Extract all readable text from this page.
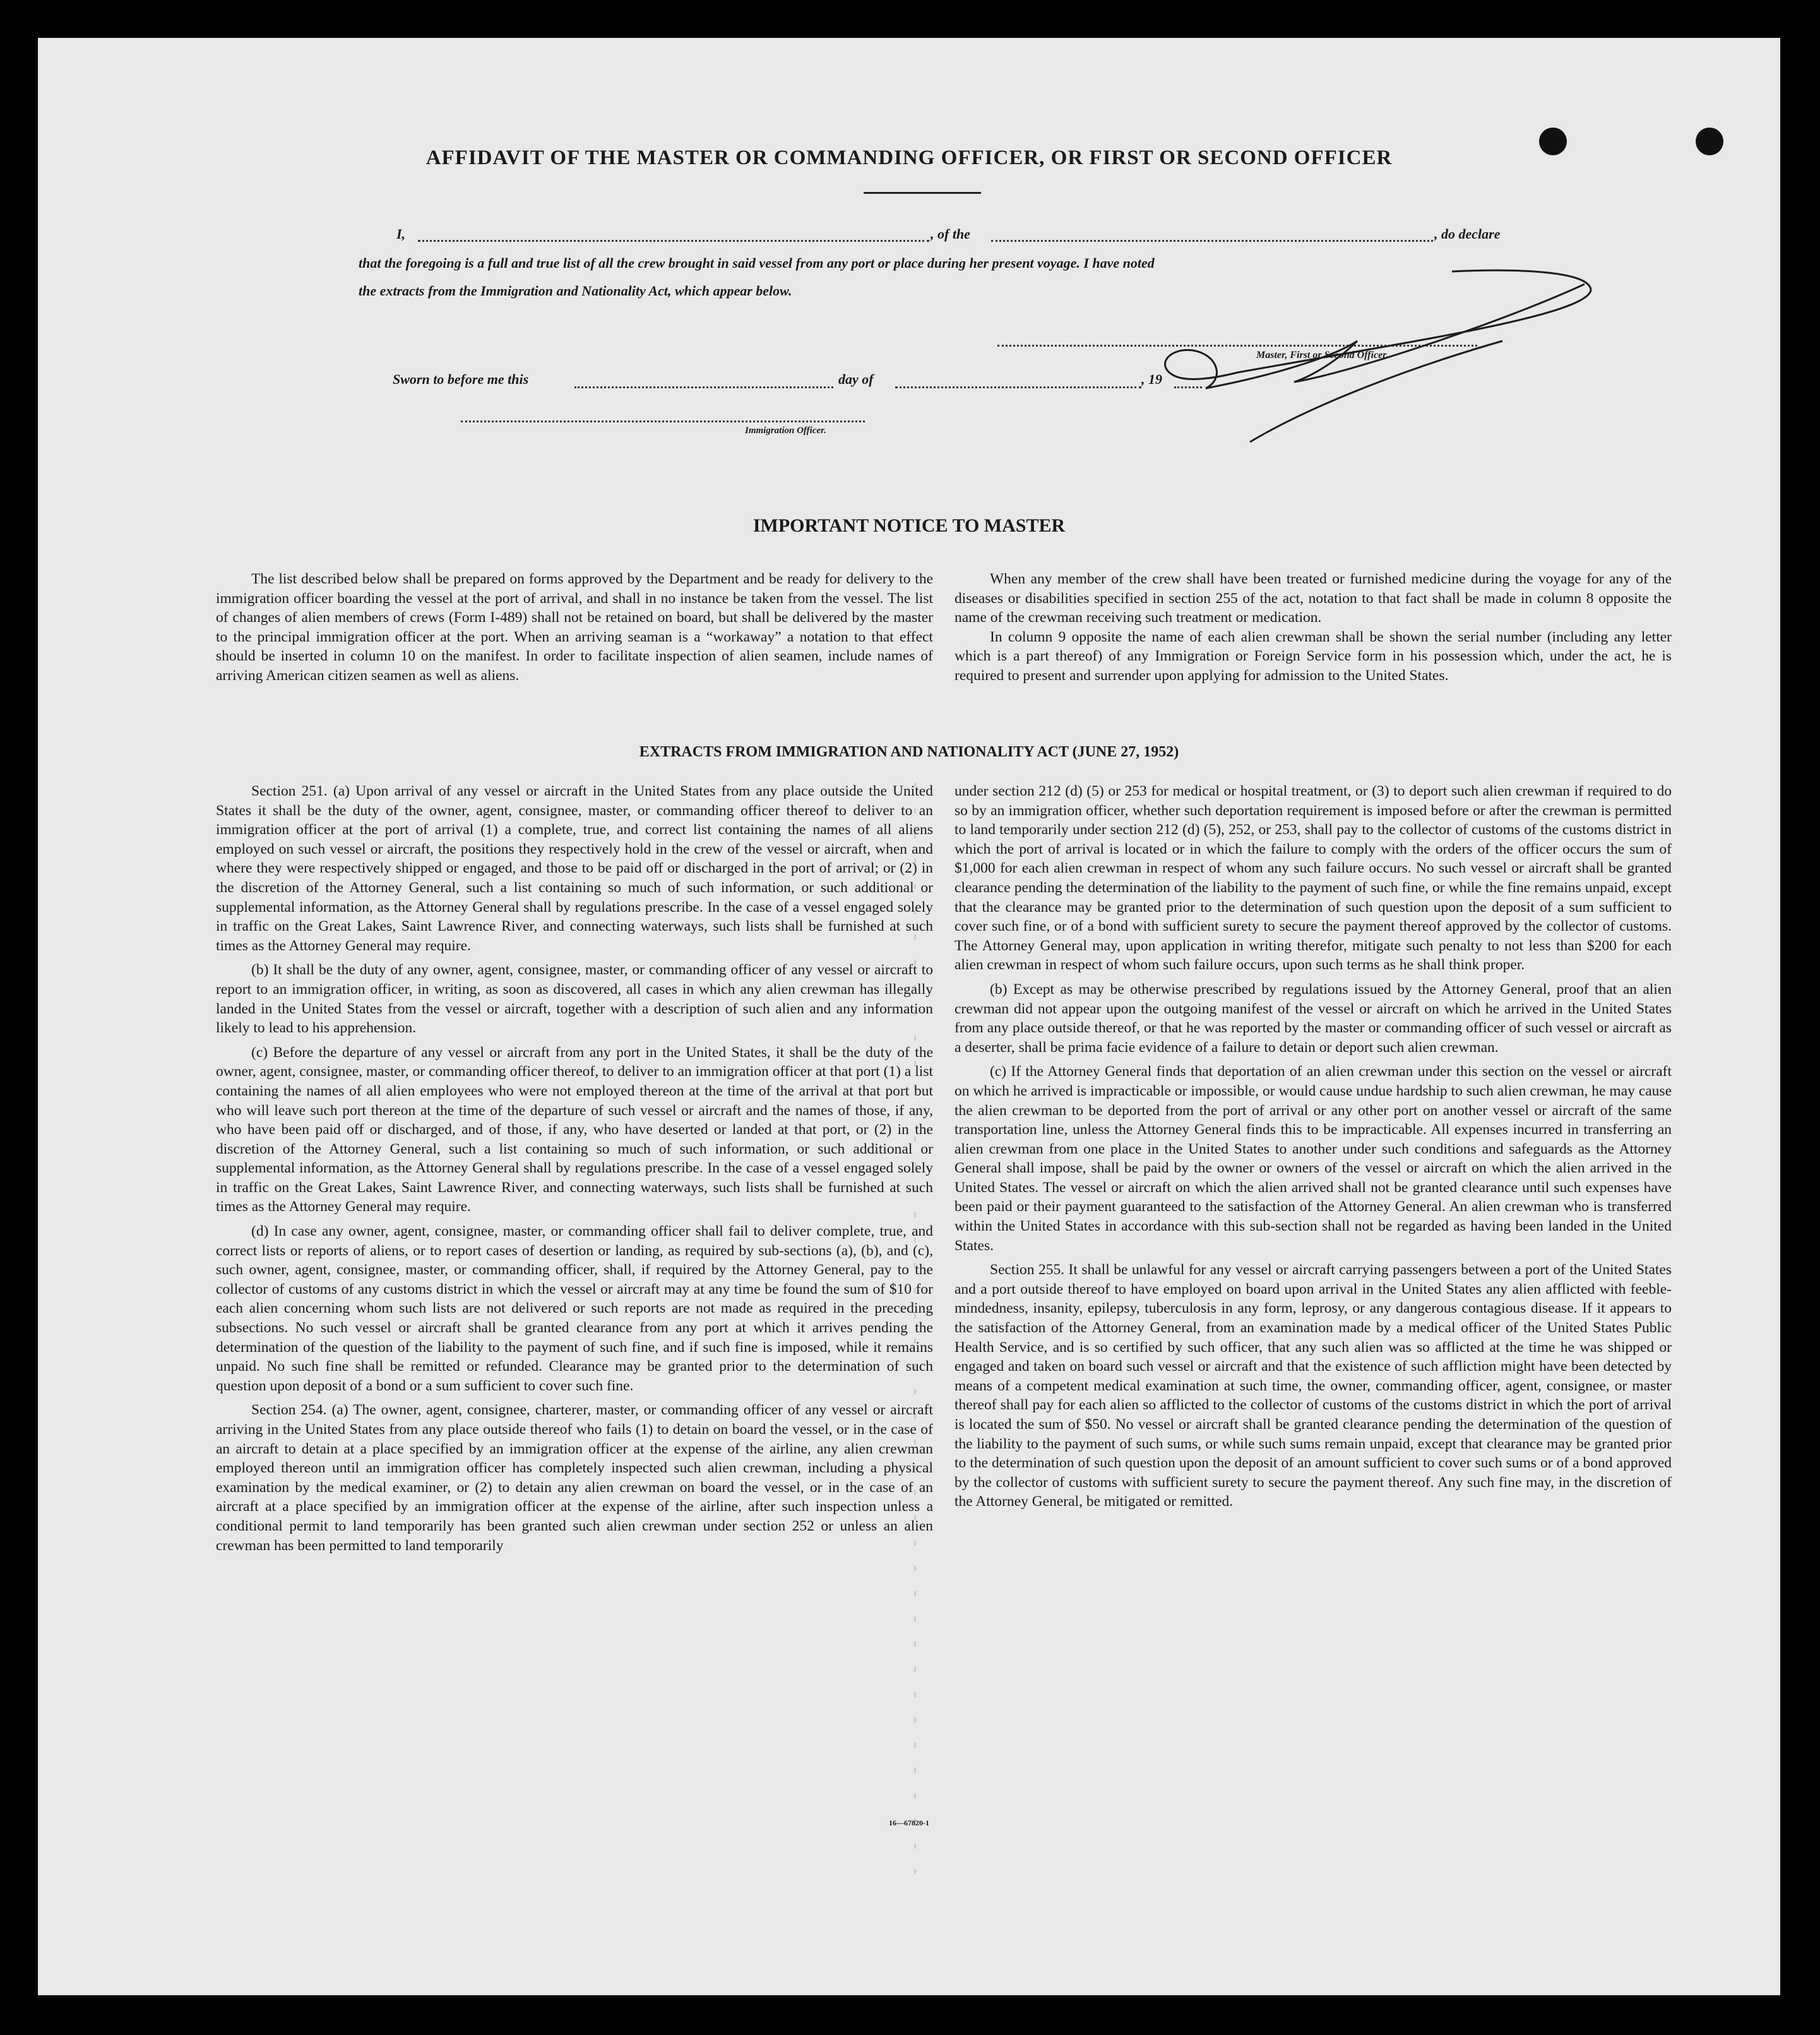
AFFIDAVIT OF THE MASTER OR COMMANDING OFFICER, OR FIRST OR SECOND OFFICER
I,	, of the	, do declare
that the foregoing is a full and true list of all the crew brought in said vessel from any port or place during her present voyage. I have noted
the extracts from the Immigration and Nationality Act, which appear below.
Master, First or Second Officer.
Sworn to before me this	day of	, 19
Immigration Officer.
IMPORTANT NOTICE TO MASTER

The list described below shall be prepared on forms approved by the Department and be ready for delivery to the immigration officer boarding the vessel at the port of arrival, and shall in no instance be taken from the vessel. The list of changes of alien members of crews (Form I-489) shall not be retained on board, but shall be delivered by the master to the principal immigration officer at the port. When an arriving seaman is a “workaway” a notation to that effect should be inserted in column 10 on the manifest. In order to facilitate inspection of alien seamen, include names of arriving American citizen seamen as well as aliens.

When any member of the crew shall have been treated or furnished medicine during the voyage for any of the diseases or disabilities specified in section 255 of the act, notation to that fact shall be made in column 8 opposite the name of the crewman receiving such treatment or medication.

In column 9 opposite the name of each alien crewman shall be shown the serial number (including any letter which is a part thereof) of any Immigration or Foreign Service form in his possession which, under the act, he is required to present and surrender upon applying for admission to the United States.

EXTRACTS FROM IMMIGRATION AND NATIONALITY ACT (JUNE 27, 1952)

Section 251. (a) Upon arrival of any vessel or aircraft in the United States from any place outside the United States it shall be the duty of the owner, agent, consignee, master, or commanding officer thereof to deliver to an immigration officer at the port of arrival (1) a complete, true, and correct list containing the names of all aliens employed on such vessel or aircraft, the positions they respectively hold in the crew of the vessel or aircraft, when and where they were respectively shipped or engaged, and those to be paid off or discharged in the port of arrival; or (2) in the discretion of the Attorney General, such a list containing so much of such information, or such additional or supplemental information, as the Attorney General shall by regulations prescribe. In the case of a vessel engaged solely in traffic on the Great Lakes, Saint Lawrence River, and connecting waterways, such lists shall be furnished at such times as the Attorney General may require.

(b) It shall be the duty of any owner, agent, consignee, master, or commanding officer of any vessel or aircraft to report to an immigration officer, in writing, as soon as discovered, all cases in which any alien crewman has illegally landed in the United States from the vessel or aircraft, together with a description of such alien and any information likely to lead to his apprehension.

(c) Before the departure of any vessel or aircraft from any port in the United States, it shall be the duty of the owner, agent, consignee, master, or commanding officer thereof, to deliver to an immigration officer at that port (1) a list containing the names of all alien employees who were not employed thereon at the time of the arrival at that port but who will leave such port thereon at the time of the departure of such vessel or aircraft and the names of those, if any, who have been paid off or discharged, and of those, if any, who have deserted or landed at that port, or (2) in the discretion of the Attorney General, such a list containing so much of such information, or such additional or supplemental information, as the Attorney General shall by regulations prescribe. In the case of a vessel engaged solely in traffic on the Great Lakes, Saint Lawrence River, and connecting waterways, such lists shall be furnished at such times as the Attorney General may require.

(d) In case any owner, agent, consignee, master, or commanding officer shall fail to deliver complete, true, and correct lists or reports of aliens, or to report cases of desertion or landing, as required by sub-sections (a), (b), and (c), such owner, agent, consignee, master, or commanding officer, shall, if required by the Attorney General, pay to the collector of customs of any customs district in which the vessel or aircraft may at any time be found the sum of $10 for each alien concerning whom such lists are not delivered or such reports are not made as required in the preceding subsections. No such vessel or aircraft shall be granted clearance from any port at which it arrives pending the determination of the question of the liability to the payment of such fine, and if such fine is imposed, while it remains unpaid. No such fine shall be remitted or refunded. Clearance may be granted prior to the determination of such question upon deposit of a bond or a sum sufficient to cover such fine.

Section 254. (a) The owner, agent, consignee, charterer, master, or commanding officer of any vessel or aircraft arriving in the United States from any place outside thereof who fails (1) to detain on board the vessel, or in the case of an aircraft to detain at a place specified by an immigration officer at the expense of the airline, any alien crewman employed thereon until an immigration officer has completely inspected such alien crewman, including a physical examination by the medical examiner, or (2) to detain any alien crewman on board the vessel, or in the case of an aircraft at a place specified by an immigration officer at the expense of the airline, after such inspection unless a conditional permit to land temporarily has been granted such alien crewman under section 252 or unless an alien crewman has been permitted to land temporarily

under section 212 (d) (5) or 253 for medical or hospital treatment, or (3) to deport such alien crewman if required to do so by an immigration officer, whether such deportation requirement is imposed before or after the crewman is permitted to land temporarily under section 212 (d) (5), 252, or 253, shall pay to the collector of customs of the customs district in which the port of arrival is located or in which the failure to comply with the orders of the officer occurs the sum of $1,000 for each alien crewman in respect of whom any such failure occurs. No such vessel or aircraft shall be granted clearance pending the determination of the liability to the payment of such fine, or while the fine remains unpaid, except that the clearance may be granted prior to the determination of such question upon the deposit of a sum sufficient to cover such fine, or of a bond with sufficient surety to secure the payment thereof approved by the collector of customs. The Attorney General may, upon application in writing therefor, mitigate such penalty to not less than $200 for each alien crewman in respect of whom such failure occurs, upon such terms as he shall think proper.

(b) Except as may be otherwise prescribed by regulations issued by the Attorney General, proof that an alien crewman did not appear upon the outgoing manifest of the vessel or aircraft on which he arrived in the United States from any place outside thereof, or that he was reported by the master or commanding officer of such vessel or aircraft as a deserter, shall be prima facie evidence of a failure to detain or deport such alien crewman.

(c) If the Attorney General finds that deportation of an alien crewman under this section on the vessel or aircraft on which he arrived is impracticable or impossible, or would cause undue hardship to such alien crewman, he may cause the alien crewman to be deported from the port of arrival or any other port on another vessel or aircraft of the same transportation line, unless the Attorney General finds this to be impracticable. All expenses incurred in transferring an alien crewman from one place in the United States to another under such conditions and safeguards as the Attorney General shall impose, shall be paid by the owner or owners of the vessel or aircraft on which the alien arrived in the United States. The vessel or aircraft on which the alien arrived shall not be granted clearance until such expenses have been paid or their payment guaranteed to the satisfaction of the Attorney General. An alien crewman who is transferred within the United States in accordance with this sub-section shall not be regarded as having been landed in the United States.

Section 255. It shall be unlawful for any vessel or aircraft carrying passengers between a port of the United States and a port outside thereof to have employed on board upon arrival in the United States any alien afflicted with feeble-mindedness, insanity, epilepsy, tuberculosis in any form, leprosy, or any dangerous contagious disease. If it appears to the satisfaction of the Attorney General, from an examination made by a medical officer of the United States Public Health Service, and is so certified by such officer, that any such alien was so afflicted at the time he was shipped or engaged and taken on board such vessel or aircraft and that the existence of such affliction might have been detected by means of a competent medical examination at such time, the owner, commanding officer, agent, consignee, or master thereof shall pay for each alien so afflicted to the collector of customs of the customs district in which the port of arrival is located the sum of $50. No vessel or aircraft shall be granted clearance pending the determination of the question of the liability to the payment of such sums, or while such sums remain unpaid, except that clearance may be granted prior to the determination of such question upon the deposit of an amount sufficient to cover such sums or of a bond approved by the collector of customs with sufficient surety to secure the payment thereof. Any such fine may, in the discretion of the Attorney General, be mitigated or remitted.

16—67820-1
